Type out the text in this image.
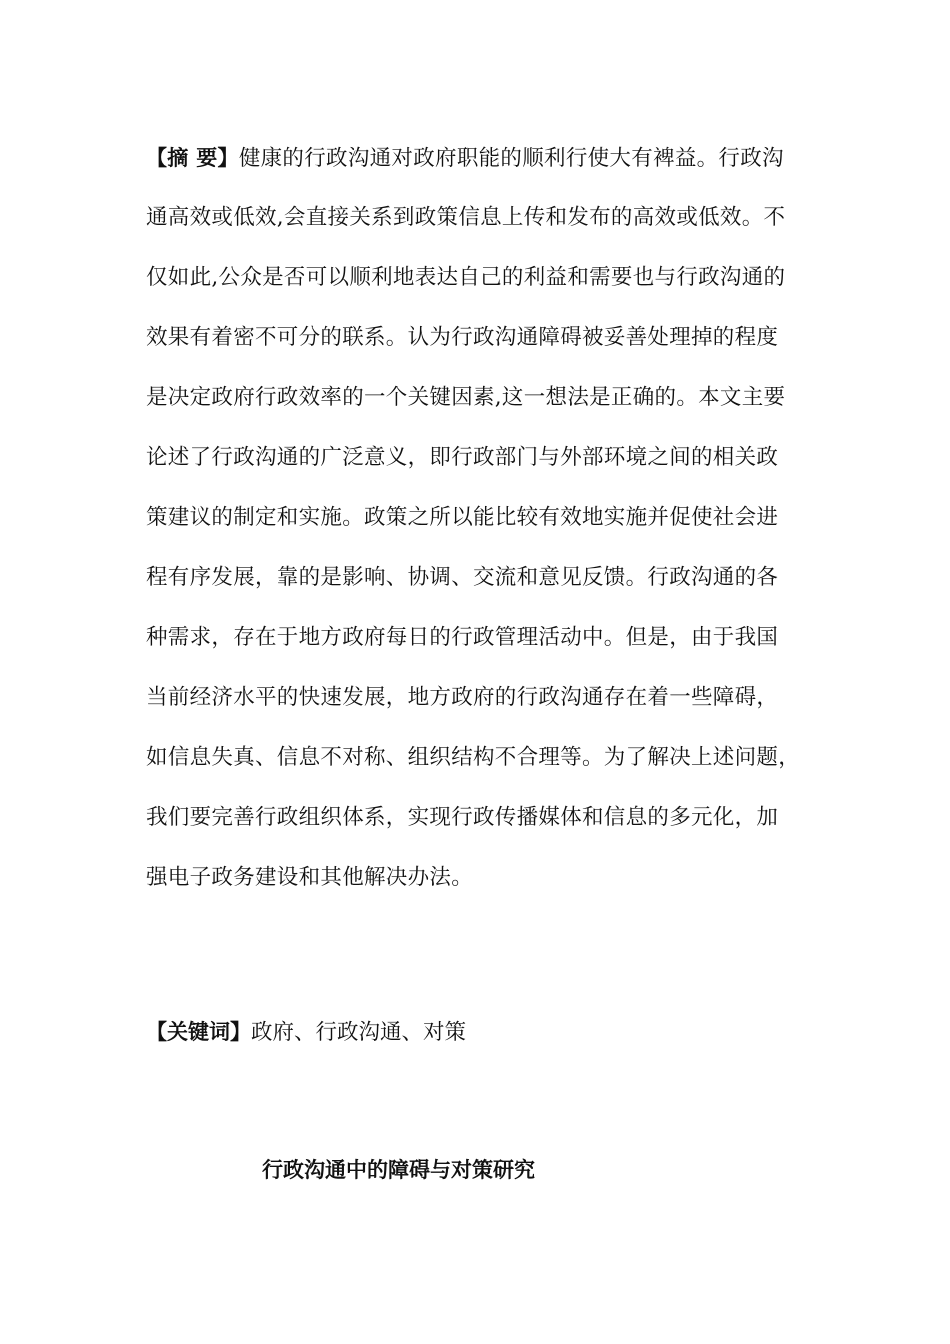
【摘 要】健康的行政沟通对政府职能的顺利行使大有裨益。行政沟
通高效或低效,会直接关系到政策信息上传和发布的高效或低效。不
仅如此,公众是否可以顺利地表达自己的利益和需要也与行政沟通的
效果有着密不可分的联系。认为行政沟通障碍被妥善处理掉的程度
是决定政府行政效率的一个关键因素,这一想法是正确的。本文主要
论述了行政沟通的广泛意义，即行政部门与外部环境之间的相关政
策建议的制定和实施。政策之所以能比较有效地实施并促使社会进
程有序发展，靠的是影响、协调、交流和意见反馈。行政沟通的各
种需求，存在于地方政府每日的行政管理活动中。但是，由于我国
当前经济水平的快速发展，地方政府的行政沟通存在着一些障碍，
如信息失真、信息不对称、组织结构不合理等。为了解决上述问题，
我们要完善行政组织体系，实现行政传播媒体和信息的多元化，加
强电子政务建设和其他解决办法。
【关键词】政府、行政沟通、对策
行政沟通中的障碍与对策研究
